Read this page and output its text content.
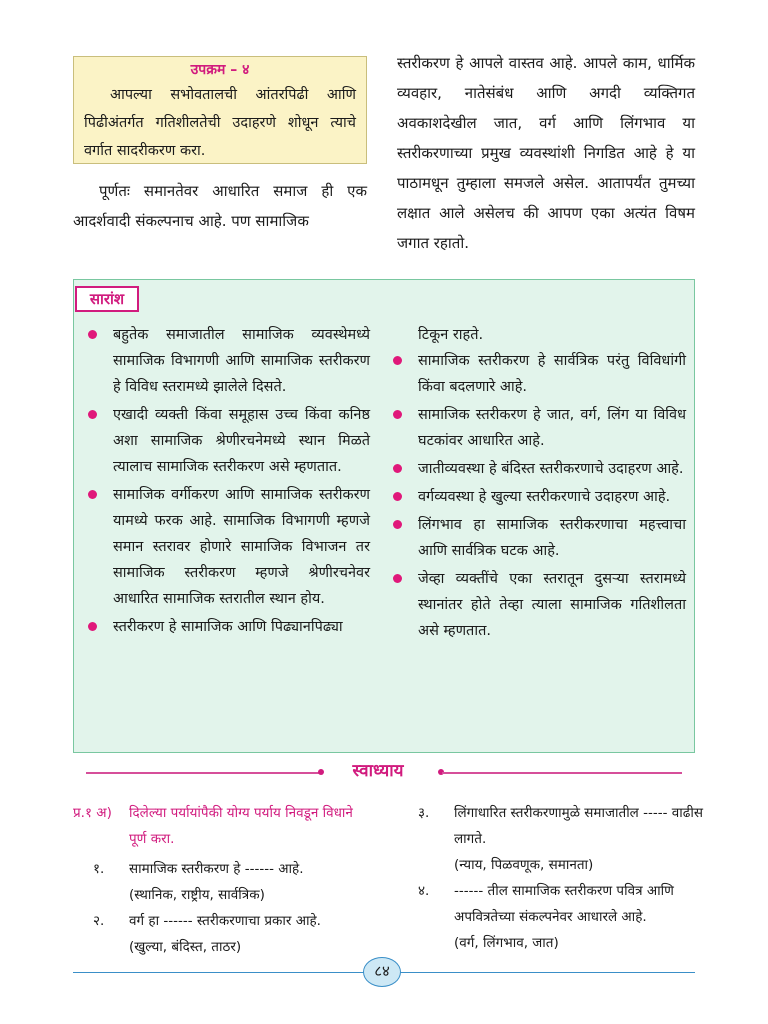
उपक्रम – ४

आपल्या सभोवतालची आंतरपिढी आणि पिढीअंतर्गत गतिशीलतेची उदाहरणे शोधून त्याचे वर्गात सादरीकरण करा.

पूर्णतः समानतेवर आधारित समाज ही एक आदर्शवादी संकल्पनाच आहे. पण सामाजिक

स्तरीकरण हे आपले वास्तव आहे. आपले काम, धार्मिक व्यवहार, नातेसंबंध आणि अगदी व्यक्तिगत अवकाशदेखील जात, वर्ग आणि लिंगभाव या स्तरीकरणाच्या प्रमुख व्यवस्थांशी निगडित आहे हे या पाठामधून तुम्हाला समजले असेल. आतापर्यंत तुमच्या लक्षात आले असेलच की आपण एका अत्यंत विषम जगात रहातो.

सारांश
बहुतेक समाजातील सामाजिक व्यवस्थेमध्ये सामाजिक विभागणी आणि सामाजिक स्तरीकरण हे विविध स्तरामध्ये झालेले दिसते.
एखादी व्यक्ती किंवा समूहास उच्च किंवा कनिष्ठ अशा सामाजिक श्रेणीरचनेमध्ये स्थान मिळते त्यालाच सामाजिक स्तरीकरण असे म्हणतात.
सामाजिक वर्गीकरण आणि सामाजिक स्तरीकरण यामध्ये फरक आहे. सामाजिक विभागणी म्हणजे समान स्तरावर होणारे सामाजिक विभाजन तर सामाजिक स्तरीकरण म्हणजे श्रेणीरचनेवर आधारित सामाजिक स्तरातील स्थान होय.
स्तरीकरण हे सामाजिक आणि पिढ्यानपिढ्या
टिकून राहते.
सामाजिक स्तरीकरण हे सार्वत्रिक परंतु विविधांगी किंवा बदलणारे आहे.
सामाजिक स्तरीकरण हे जात, वर्ग, लिंग या विविध घटकांवर आधारित आहे.
जातीव्यवस्था हे बंदिस्त स्तरीकरणाचे उदाहरण आहे.
वर्गव्यवस्था हे खुल्या स्तरीकरणाचे उदाहरण आहे.
लिंगभाव हा सामाजिक स्तरीकरणाचा महत्त्वाचा आणि सार्वत्रिक घटक आहे.
जेव्हा व्यक्तींचे एका स्तरातून दुसऱ्या स्तरामध्ये स्थानांतर होते तेव्हा त्याला सामाजिक गतिशीलता असे म्हणतात.
स्वाध्याय
प्र.१ अ)	दिलेल्या पर्यायांपैकी योग्य पर्याय निवडून विधाने पूर्ण करा.
१.	सामाजिक स्तरीकरण हे ------ आहे.
(स्थानिक, राष्ट्रीय, सार्वत्रिक)
२.	वर्ग हा ------ स्तरीकरणाचा प्रकार आहे.
(खुल्या, बंदिस्त, ताठर)
३.	लिंगाधारित स्तरीकरणामुळे समाजातील ----- वाढीस लागते.
(न्याय, पिळवणूक, समानता)
४.	------ तील सामाजिक स्तरीकरण पवित्र आणि अपवित्रतेच्या संकल्पनेवर आधारले आहे.
(वर्ग, लिंगभाव, जात)
८४
